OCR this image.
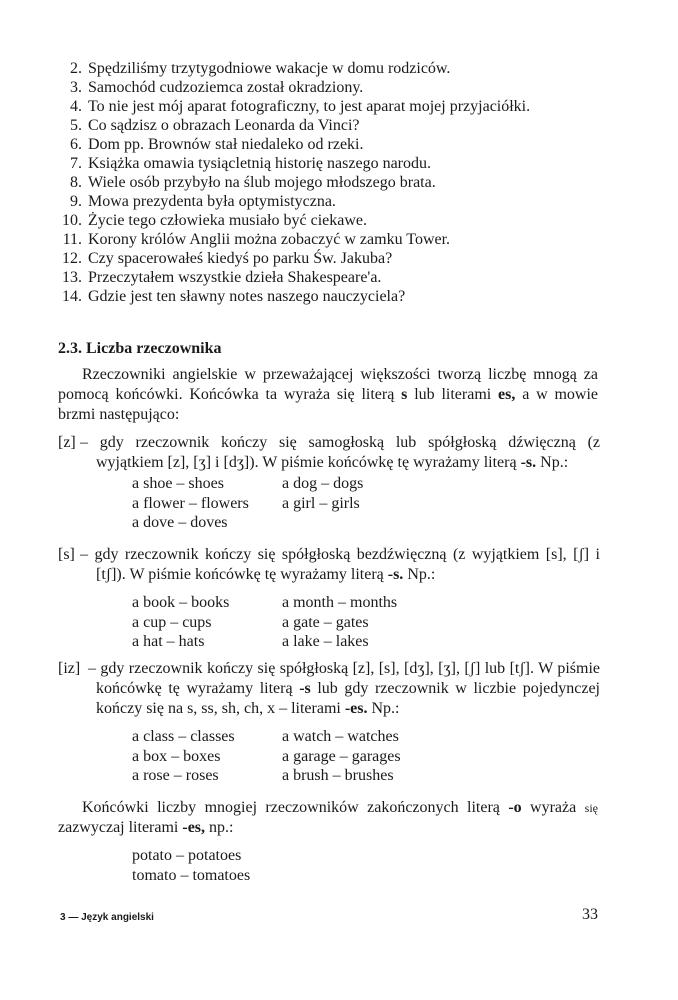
2. Spędziliśmy trzytygodniowe wakacje w domu rodziców.
3. Samochód cudzoziemca został okradziony.
4. To nie jest mój aparat fotograficzny, to jest aparat mojej przyjaciółki.
5. Co sądzisz o obrazach Leonarda da Vinci?
6. Dom pp. Brownów stał niedaleko od rzeki.
7. Książka omawia tysiącletnią historię naszego narodu.
8. Wiele osób przybyło na ślub mojego młodszego brata.
9. Mowa prezydenta była optymistyczna.
10. Życie tego człowieka musiało być ciekawe.
11. Korony królów Anglii można zobaczyć w zamku Tower.
12. Czy spacerowałeś kiedyś po parku Św. Jakuba?
13. Przeczytałem wszystkie dzieła Shakespeare'a.
14. Gdzie jest ten sławny notes naszego nauczyciela?
2.3. Liczba rzeczownika

Rzeczowniki angielskie w przeważającej większości tworzą liczbę mnogą za pomocą końcówki. Końcówka ta wyraża się literą s lub literami es, a w mowie brzmi następująco:

[z] – gdy rzeczownik kończy się samogłoską lub spółgłoską dźwięczną (z wyjątkiem [z], [ʒ] i [dʒ]). W piśmie końcówkę tę wyrażamy literą -s. Np.:
a shoe – shoes	a dog – dogs
a flower – flowers	a girl – girls
a dove – doves
[s] – gdy rzeczownik kończy się spółgłoską bezdźwięczną (z wyjątkiem [s], [ʃ] i [tʃ]). W piśmie końcówkę tę wyrażamy literą -s. Np.:
a book – books	a month – months
a cup – cups	a gate – gates
a hat – hats	a lake – lakes
[iz] – gdy rzeczownik kończy się spółgłoską [z], [s], [dʒ], [ʒ], [ʃ] lub [tʃ]. W piśmie końcówkę tę wyrażamy literą -s lub gdy rzeczownik w liczbie pojedynczej kończy się na s, ss, sh, ch, x – literami -es. Np.:
a class – classes	a watch – watches
a box – boxes	a garage – garages
a rose – roses	a brush – brushes

Końcówki liczby mnogiej rzeczowników zakończonych literą -o wyraża się zazwyczaj literami -es, np.:

potato – potatoes
tomato – tomatoes
3 — Język angielski	33
